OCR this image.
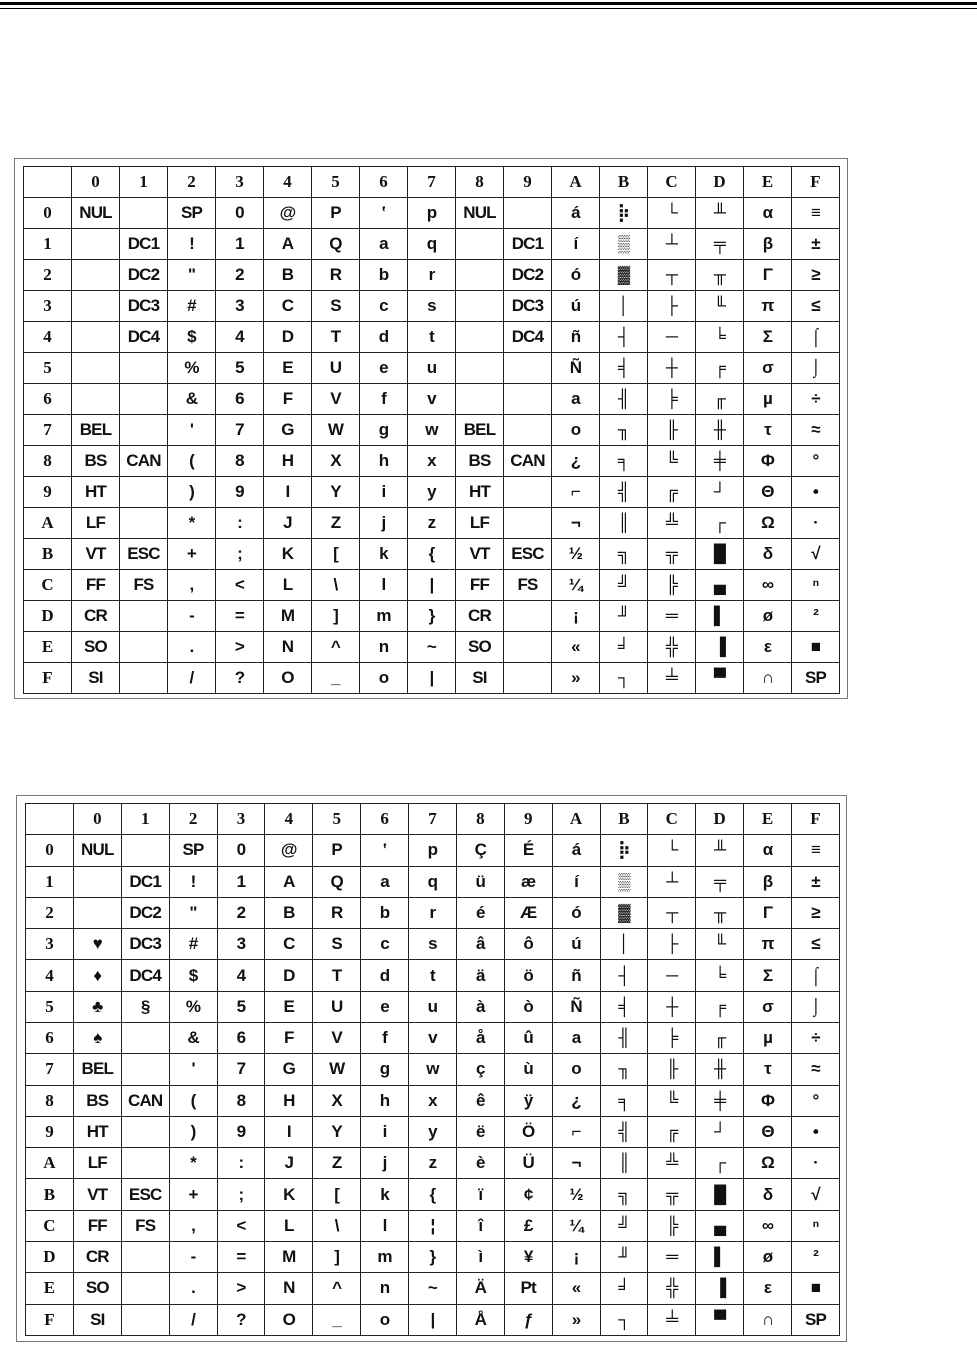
	0	1	2	3	4	5	6	7	8	9	A	B	C	D	E	F
0	NUL		SP	0	@	P	‛	p	NUL		á	⡷	└	╨	α	≡
1		DC1	!	1	A	Q	a	q		DC1	í	▒	┴	╤	β	±
2		DC2	"	2	B	R	b	r		DC2	ó	▓	┬	╥	Γ	≥
3		DC3	#	3	C	S	c	s		DC3	ú	│	├	╙	π	≤
4		DC4	$	4	D	T	d	t		DC4	ñ	┤	─	╘	Σ	⌠
5			%	5	E	U	e	u			Ñ	╡	┼	╒	σ	⌡
6			&	6	F	V	f	v			a	╢	╞	╓	µ	÷
7	BEL		'	7	G	W	g	w	BEL		o	╖	╟	╫	τ	≈
8	BS	CAN	(	8	H	X	h	x	BS	CAN	¿	╕	╚	╪	Φ	°
9	HT		)	9	I	Y	i	y	HT		⌐	╣	╔	┘	Θ	•
A	LF		*	:	J	Z	j	z	LF		¬	║	╩	┌	Ω	·
B	VT	ESC	+	;	K	[	k	{	VT	ESC	½	╗	╦	█	δ	√
C	FF	FS	,	<	L	\	l	|	FF	FS	¼	╝	╠	▄	∞	ⁿ
D	CR		-	=	M	]	m	}	CR		¡	╜	═	▌	ø	²
E	SO		.	>	N	^	n	~	SO		«	╛	╬	▐	ε	■
F	SI		/	?	O	_	o	|	SI		»	┐	╧	▀	∩	SP
	0	1	2	3	4	5	6	7	8	9	A	B	C	D	E	F
0	NUL		SP	0	@	P	‛	p	Ç	É	á	⡷	└	╨	α	≡
1		DC1	!	1	A	Q	a	q	ü	æ	í	▒	┴	╤	β	±
2		DC2	"	2	B	R	b	r	é	Æ	ó	▓	┬	╥	Γ	≥
3	♥	DC3	#	3	C	S	c	s	â	ô	ú	│	├	╙	π	≤
4	♦	DC4	$	4	D	T	d	t	ä	ö	ñ	┤	─	╘	Σ	⌠
5	♣	§	%	5	E	U	e	u	à	ò	Ñ	╡	┼	╒	σ	⌡
6	♠		&	6	F	V	f	v	å	û	a	╢	╞	╓	µ	÷
7	BEL		'	7	G	W	g	w	ç	ù	o	╖	╟	╫	τ	≈
8	BS	CAN	(	8	H	X	h	x	ê	ÿ	¿	╕	╚	╪	Φ	°
9	HT		)	9	I	Y	i	y	ë	Ö	⌐	╣	╔	┘	Θ	•
A	LF		*	:	J	Z	j	z	è	Ü	¬	║	╩	┌	Ω	·
B	VT	ESC	+	;	K	[	k	{	ï	¢	½	╗	╦	█	δ	√
C	FF	FS	,	<	L	\	l	¦	î	£	¼	╝	╠	▄	∞	ⁿ
D	CR		-	=	M	]	m	}	ì	¥	¡	╜	═	▌	ø	²
E	SO		.	>	N	^	n	~	Ä	Pt	«	╛	╬	▐	ε	■
F	SI		/	?	O	_	o	|	Å	ƒ	»	┐	╧	▀	∩	SP
